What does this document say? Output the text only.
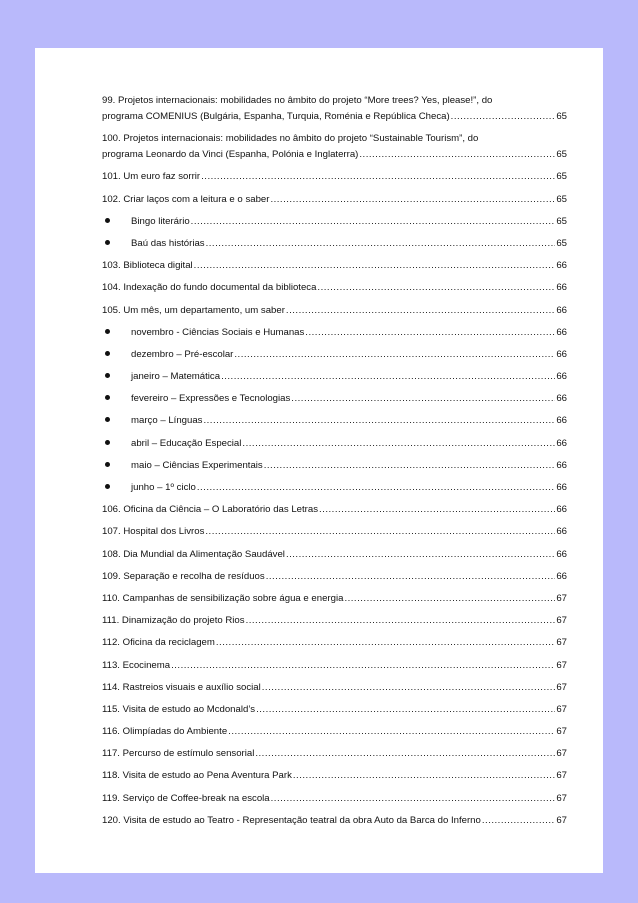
99. Projetos internacionais: mobilidades no âmbito do projeto “More trees? Yes, please!”, do
programa COMENIUS (Bulgária, Espanha, Turquia, Roménia e República Checa) .....	65
100. Projetos internacionais: mobilidades no âmbito do projeto “Sustainable Tourism”, do
programa Leonardo da Vinci (Espanha, Polónia e Inglaterra) .....	65
101. Um euro faz sorrir .....	65
102. Criar laços com a leitura e o saber .....	65
Bingo literário .....	65
Baú das histórias .....	65
103. Biblioteca digital .....	66
104. Indexação do fundo documental da biblioteca .....	66
105. Um mês, um departamento, um saber .....	66
novembro - Ciências Sociais e Humanas .....	66
dezembro – Pré-escolar .....	66
janeiro – Matemática .....	66
fevereiro – Expressões e Tecnologias .....	66
março – Línguas .....	66
abril – Educação Especial .....	66
maio – Ciências Experimentais .....	66
junho – 1º ciclo .....	66
106. Oficina da Ciência – O Laboratório das Letras .....	66
107. Hospital dos Livros .....	66
108. Dia Mundial da Alimentação Saudável .....	66
109. Separação e recolha de resíduos .....	66
110. Campanhas de sensibilização sobre água e energia .....	67
111. Dinamização do projeto Rios .....	67
112. Oficina da reciclagem .....	67
113. Ecocinema .....	67
114. Rastreios visuais e auxílio social .....	67
115. Visita de estudo ao Mcdonald’s .....	67
116. Olimpíadas do Ambiente .....	67
117. Percurso de estímulo sensorial .....	67
118. Visita de estudo ao Pena Aventura Park .....	67
119. Serviço de Coffee-break na escola .....	67
120. Visita de estudo ao Teatro - Representação teatral da obra Auto da Barca do Inferno .....	67
